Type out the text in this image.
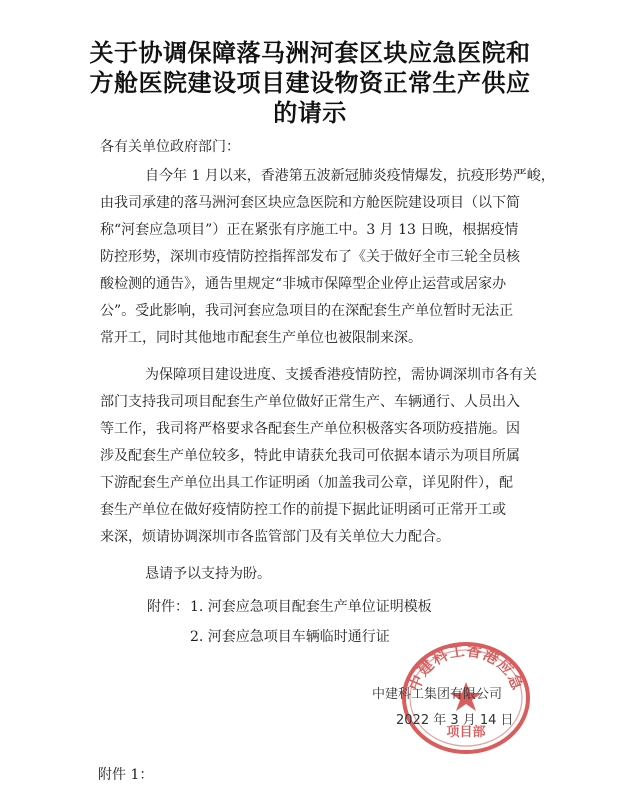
关于协调保障落马洲河套区块应急医院和
方舱医院建设项目建设物资正常生产供应
的请示
各有关单位政府部门：
自今年 1 月以来，香港第五波新冠肺炎疫情爆发，抗疫形势严峻，
由我司承建的落马洲河套区块应急医院和方舱医院建设项目（以下简
称“河套应急项目”）正在紧张有序施工中。3 月 13 日晚，根据疫情
防控形势，深圳市疫情防控指挥部发布了《关于做好全市三轮全员核
酸检测的通告》，通告里规定“非城市保障型企业停止运营或居家办
公”。受此影响，我司河套应急项目的在深配套生产单位暂时无法正
常开工，同时其他地市配套生产单位也被限制来深。
为保障项目建设进度、支援香港疫情防控，需协调深圳市各有关
部门支持我司项目配套生产单位做好正常生产、车辆通行、人员出入
等工作，我司将严格要求各配套生产单位积极落实各项防疫措施。因
涉及配套生产单位较多，特此申请获允我司可依据本请示为项目所属
下游配套生产单位出具工作证明函（加盖我司公章，详见附件），配
套生产单位在做好疫情防控工作的前提下据此证明函可正常开工或
来深，烦请协调深圳市各监管部门及有关单位大力配合。
恳请予以支持为盼。
附件： 1. 河套应急项目配套生产单位证明模板
2. 河套应急项目车辆临时通行证
中建科工香港应急
项目部
中建科工集团有限公司
2022 年 3 月 14 日
附件 1：
